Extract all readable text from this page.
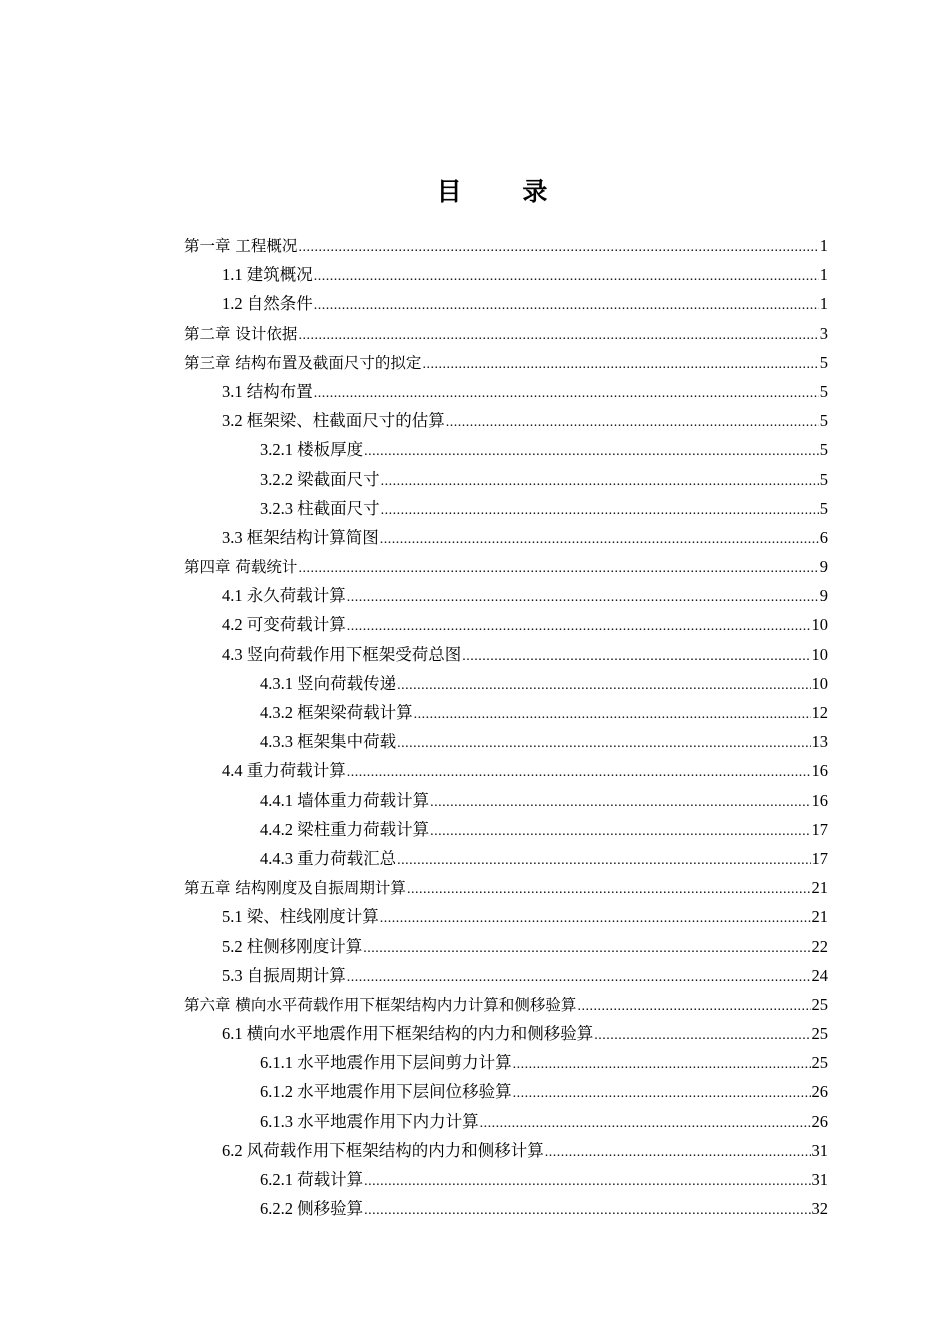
目 录
第一章 工程概况 .....	1
1.1 建筑概况 .....	1
1.2 自然条件 .....	1
第二章 设计依据 .....	3
第三章 结构布置及截面尺寸的拟定 .....	5
3.1 结构布置 .....	5
3.2 框架梁、柱截面尺寸的估算 .....	5
3.2.1 楼板厚度 .....	5
3.2.2 梁截面尺寸 .....	5
3.2.3 柱截面尺寸 .....	5
3.3 框架结构计算简图 .....	6
第四章 荷载统计 .....	9
4.1 永久荷载计算 .....	9
4.2 可变荷载计算 .....	10
4.3 竖向荷载作用下框架受荷总图 .....	10
4.3.1 竖向荷载传递 .....	10
4.3.2 框架梁荷载计算 .....	12
4.3.3 框架集中荷载 .....	13
4.4 重力荷载计算 .....	16
4.4.1 墙体重力荷载计算 .....	16
4.4.2 梁柱重力荷载计算 .....	17
4.4.3 重力荷载汇总 .....	17
第五章 结构刚度及自振周期计算 .....	21
5.1 梁、柱线刚度计算 .....	21
5.2 柱侧移刚度计算 .....	22
5.3 自振周期计算 .....	24
第六章 横向水平荷载作用下框架结构内力计算和侧移验算 .....	25
6.1 横向水平地震作用下框架结构的内力和侧移验算 .....	25
6.1.1 水平地震作用下层间剪力计算 .....	25
6.1.2 水平地震作用下层间位移验算 .....	26
6.1.3 水平地震作用下内力计算 .....	26
6.2 风荷载作用下框架结构的内力和侧移计算 .....	31
6.2.1 荷载计算 .....	31
6.2.2 侧移验算 .....	32
